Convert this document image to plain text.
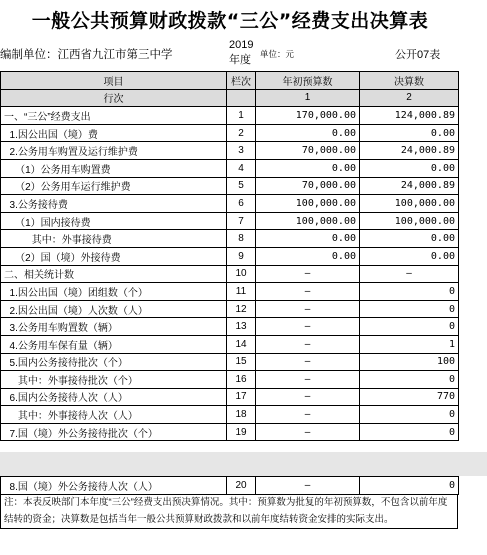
一般公共预算财政拨款“三公”经费支出决算表
编制单位：江西省九江市第三中学
2019年度	单位：元	公开07表
项目	栏次	年初预算数	决算数
行次		1	2
一、“三公”经费支出	1	170,000.00	124,000.89
1.因公出国（境）费	2	0.00	0.00
2.公务用车购置及运行维护费	3	70,000.00	24,000.89
（1）公务用车购置费	4	0.00	0.00
（2）公务用车运行维护费	5	70,000.00	24,000.89
3.公务接待费	6	100,000.00	100,000.00
（1）国内接待费	7	100,000.00	100,000.00
其中：外事接待费	8	0.00	0.00
（2）国（境）外接待费	9	0.00	0.00
二、相关统计数	10	–	–
1.因公出国（境）团组数（个）	11	–	0
2.因公出国（境）人次数（人）	12	–	0
3.公务用车购置数（辆）	13	–	0
4.公务用车保有量（辆）	14	–	1
5.国内公务接待批次（个）	15	–	100
其中：外事接待批次（个）	16	–	0
6.国内公务接待人次（人）	17	–	770
其中：外事接待人次（人）	18	–	0
7.国（境）外公务接待批次（个）	19	–	0
8.国（境）外公务接待人次（人）	20	–	0
注：本表反映部门本年度“三公”经费支出预决算情况。其中：预算数为批复的年初预算数，不包含以前年度结转的资金；决算数是包括当年一般公共预算财政拨款和以前年度结转资金安排的实际支出。
